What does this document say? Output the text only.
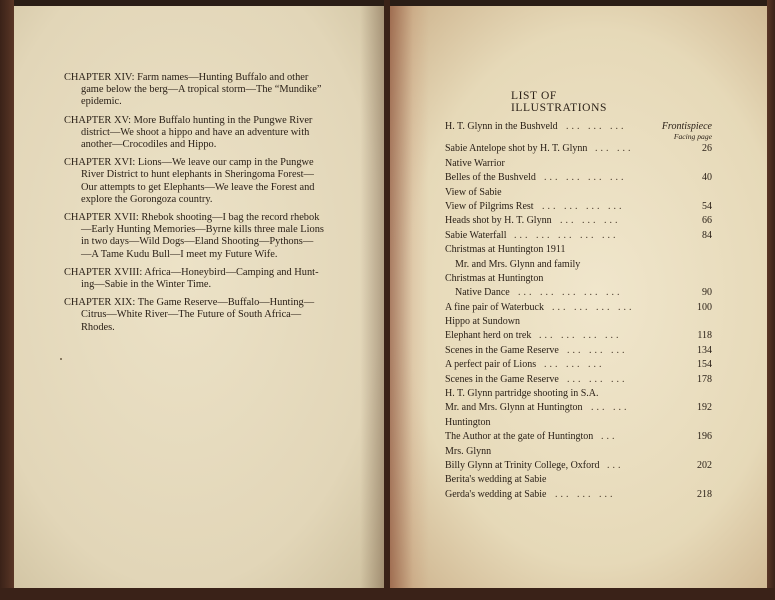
CHAPTER XIV: Farm names—Hunting Buffalo and other
game below the berg—A tropical storm—The “Mundike”
epidemic.
CHAPTER XV: More Buffalo hunting in the Pungwe River
district—We shoot a hippo and have an adventure with
another—Crocodiles and Hippo.
CHAPTER XVI: Lions—We leave our camp in the Pungwe
River District to hunt elephants in Sheringoma Forest—
Our attempts to get Elephants—We leave the Forest and
explore the Gorongoza country.
CHAPTER XVII: Rhebok shooting—I bag the record rhebok
—Early Hunting Memories—Byrne kills three male Lions
in two days—Wild Dogs—Eland Shooting—Pythons—
—A Tame Kudu Bull—I meet my Future Wife.
CHAPTER XVIII: Africa—Honeybird—Camping and Hunt-
ing—Sabie in the Winter Time.
CHAPTER XIX: The Game Reserve—Buffalo—Hunting—
Citrus—White River—The Future of South Africa—
Rhodes.
LIST OF ILLUSTRATIONS
H. T. Glynn in the Bushveld ... ... ...	Frontispiece
Facing page
Sabie Antelope shot by H. T. Glynn ... ...	26
Native Warrior
Belles of the Bushveld ... ... ... ...	40
View of Sabie
View of Pilgrims Rest ... ... ... ...	54
Heads shot by H. T. Glynn ... ... ...	66
Sabie Waterfall ... ... ... ... ...	84
Christmas at Huntington 1911
Mr. and Mrs. Glynn and family
Christmas at Huntington
Native Dance ... ... ... ... ...	90
A fine pair of Waterbuck ... ... ... ...	100
Hippo at Sundown
Elephant herd on trek ... ... ... ...	118
Scenes in the Game Reserve ... ... ...	134
A perfect pair of Lions ... ... ...	154
Scenes in the Game Reserve ... ... ...	178
H. T. Glynn partridge shooting in S.A.
Mr. and Mrs. Glynn at Huntington ... ...	192
Huntington
The Author at the gate of Huntington ...	196
Mrs. Glynn
Billy Glynn at Trinity College, Oxford ...	202
Berita's wedding at Sabie
Gerda's wedding at Sabie ... ... ...	218
